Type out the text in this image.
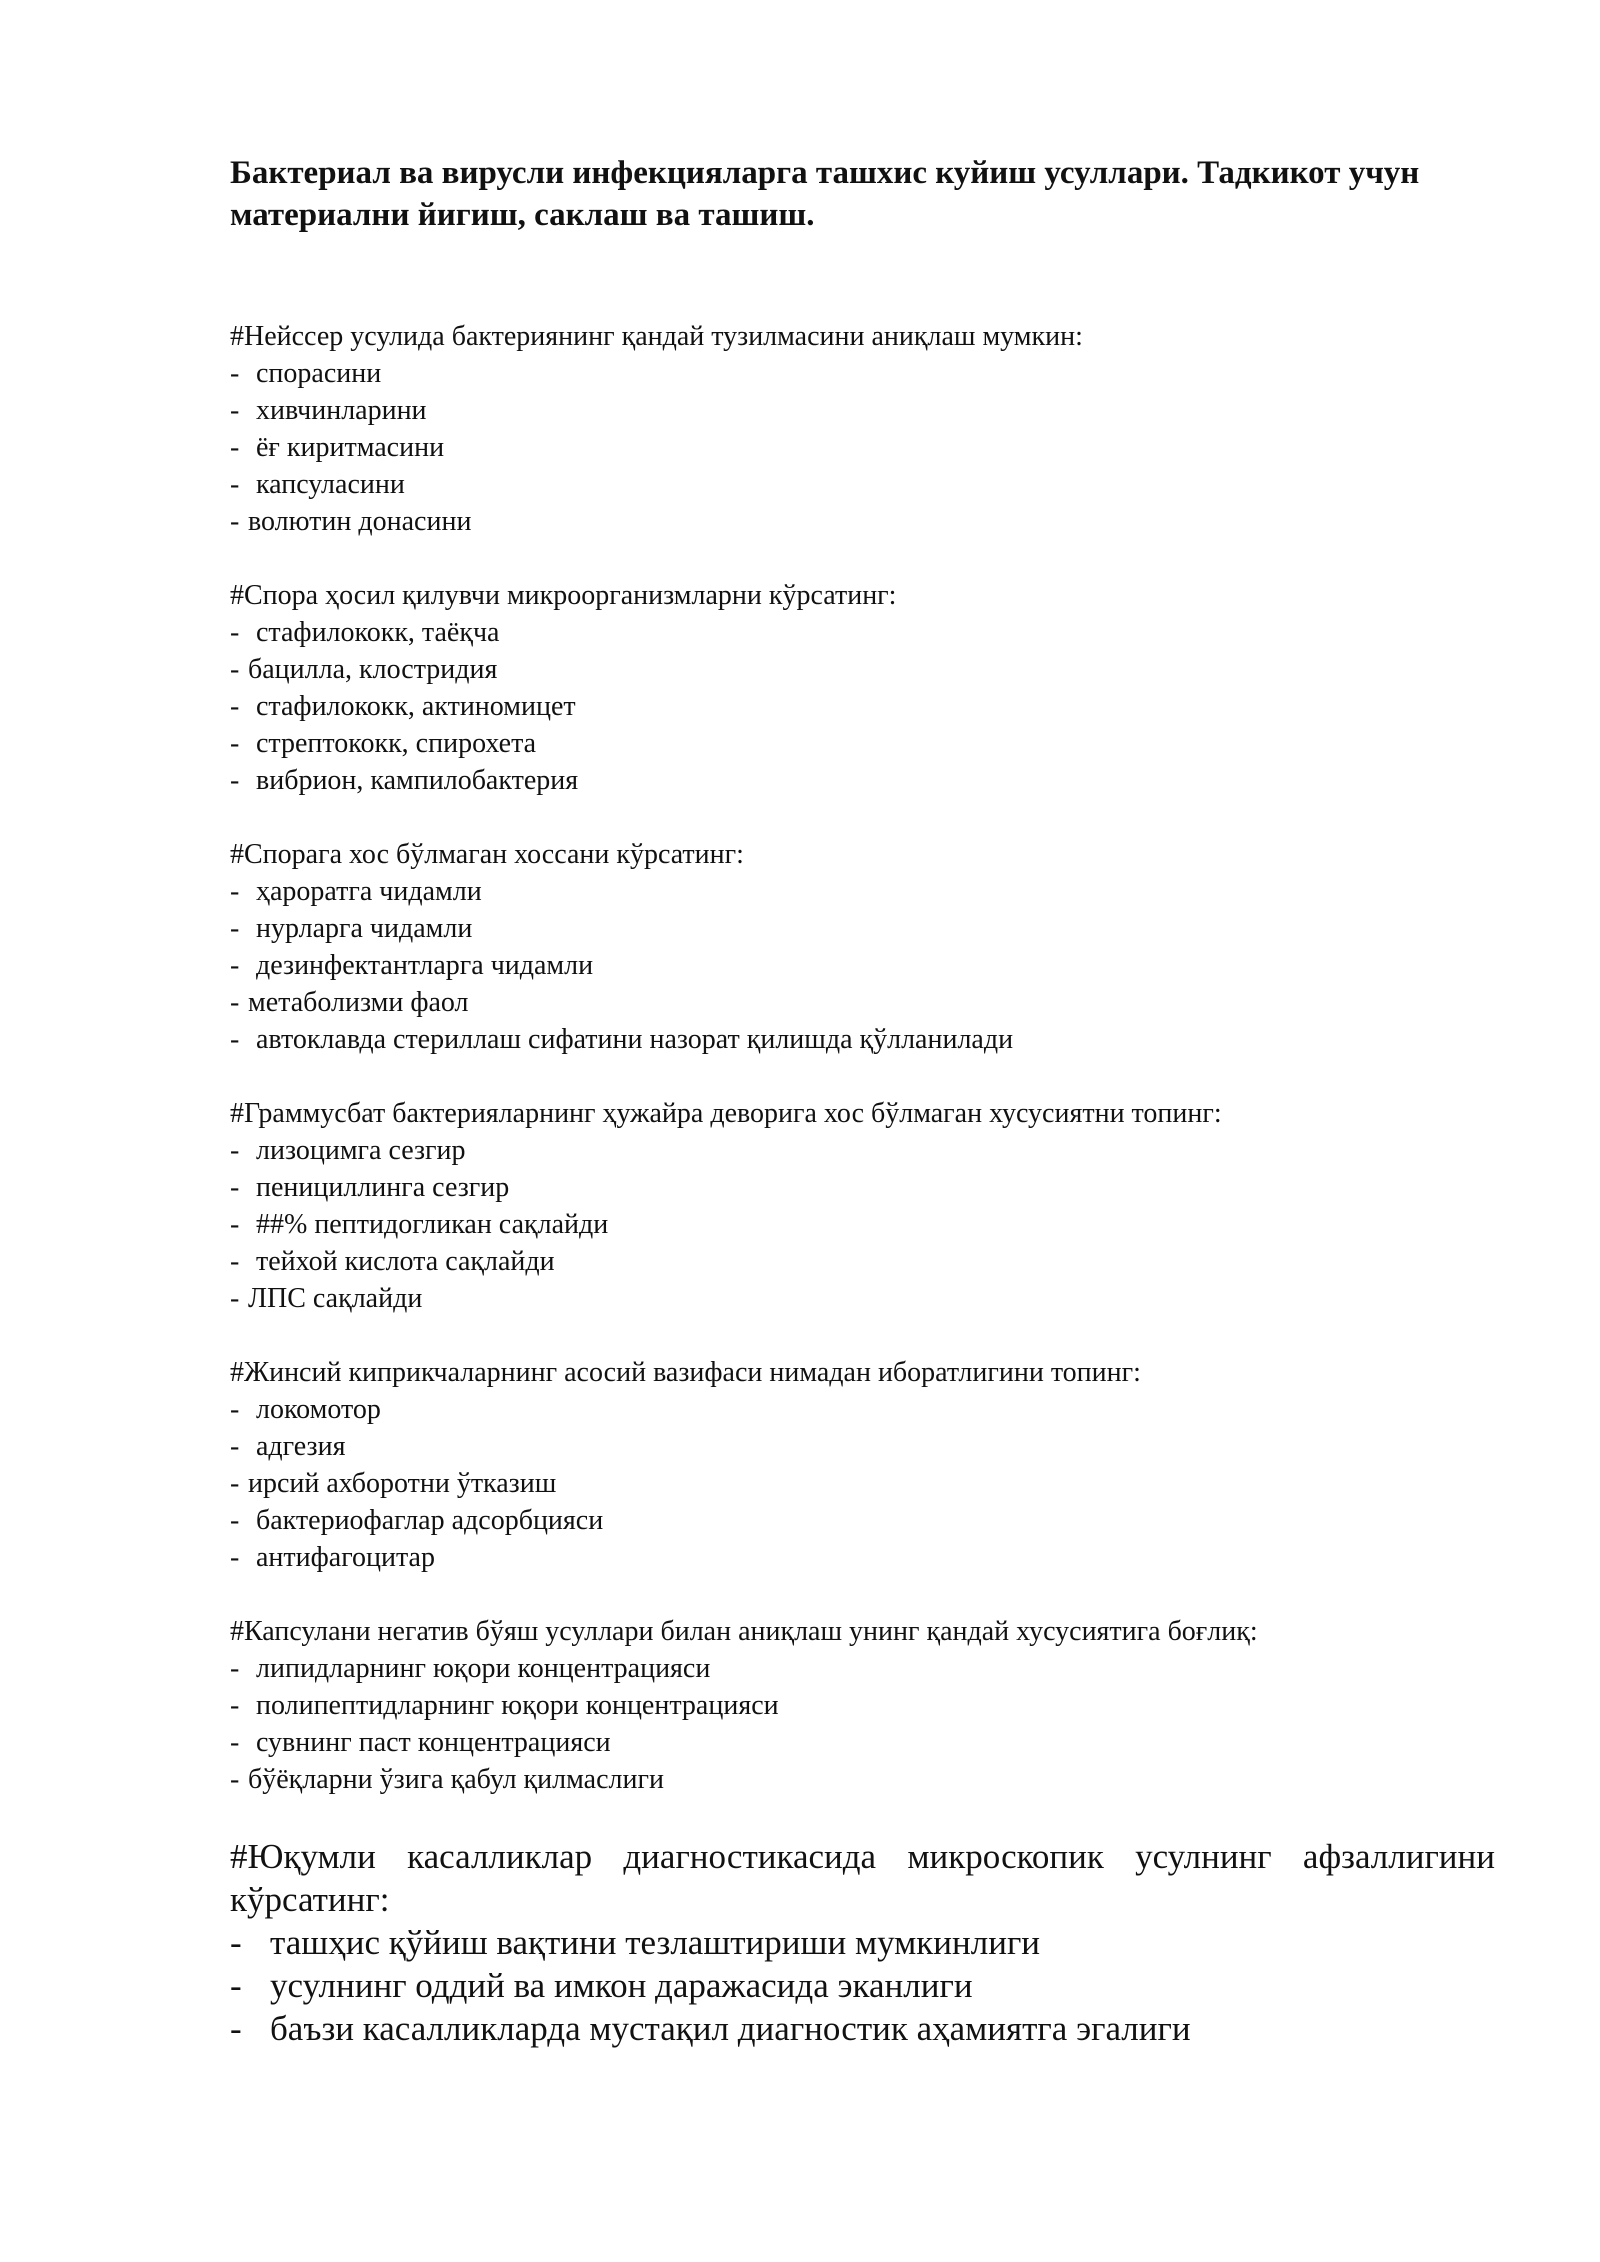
Бактериал ва вирусли инфекцияларга ташхис куйиш усуллари. Тадкикот учун материални йигиш, саклаш ва ташиш.
#Нейссер усулида бактериянинг қандай тузилмасини аниқлаш мумкин:
- спорасини
- хивчинларини
- ёғ киритмасини
- капсуласини
- волютин донасини
#Спора ҳосил қилувчи микроорганизмларни кўрсатинг:
- стафилококк, таёқча
- бацилла, клостридия
- стафилококк, актиномицет
- стрептококк, спирохета
- вибрион, кампилобактерия
#Спорага хос бўлмаган хоссани кўрсатинг:
- ҳароратга чидамли
- нурларга чидамли
- дезинфектантларга чидамли
- метаболизми фаол
- автоклавда стериллаш сифатини назорат қилишда қўлланилади
#Граммусбат бактерияларнинг ҳужайра деворига хос бўлмаган хусусиятни топинг:
- лизоцимга сезгир
- пенициллинга сезгир
- ##% пептидогликан сақлайди
- тейхой кислота сақлайди
- ЛПС сақлайди
#Жинсий киприкчаларнинг асосий вазифаси нимадан иборатлигини топинг:
- локомотор
- адгезия
- ирсий ахборотни ўтказиш
- бактериофаглар адсорбцияси
- антифагоцитар
#Капсулани негатив бўяш усуллари билан аниқлаш унинг қандай хусусиятига боғлиқ:
- липидларнинг юқори концентрацияси
- полипептидларнинг юқори концентрацияси
- сувнинг паст концентрацияси
- бўёқларни ўзига қабул қилмаслиги
#Юқумли касалликлар диагностикасида микроскопик усулнинг афзаллигини кўрсатинг:
- ташҳис қўйиш вақтини тезлаштириши мумкинлиги
- усулнинг оддий ва имкон даражасида эканлиги
- баъзи касалликларда мустақил диагностик аҳамиятга эгалиги
